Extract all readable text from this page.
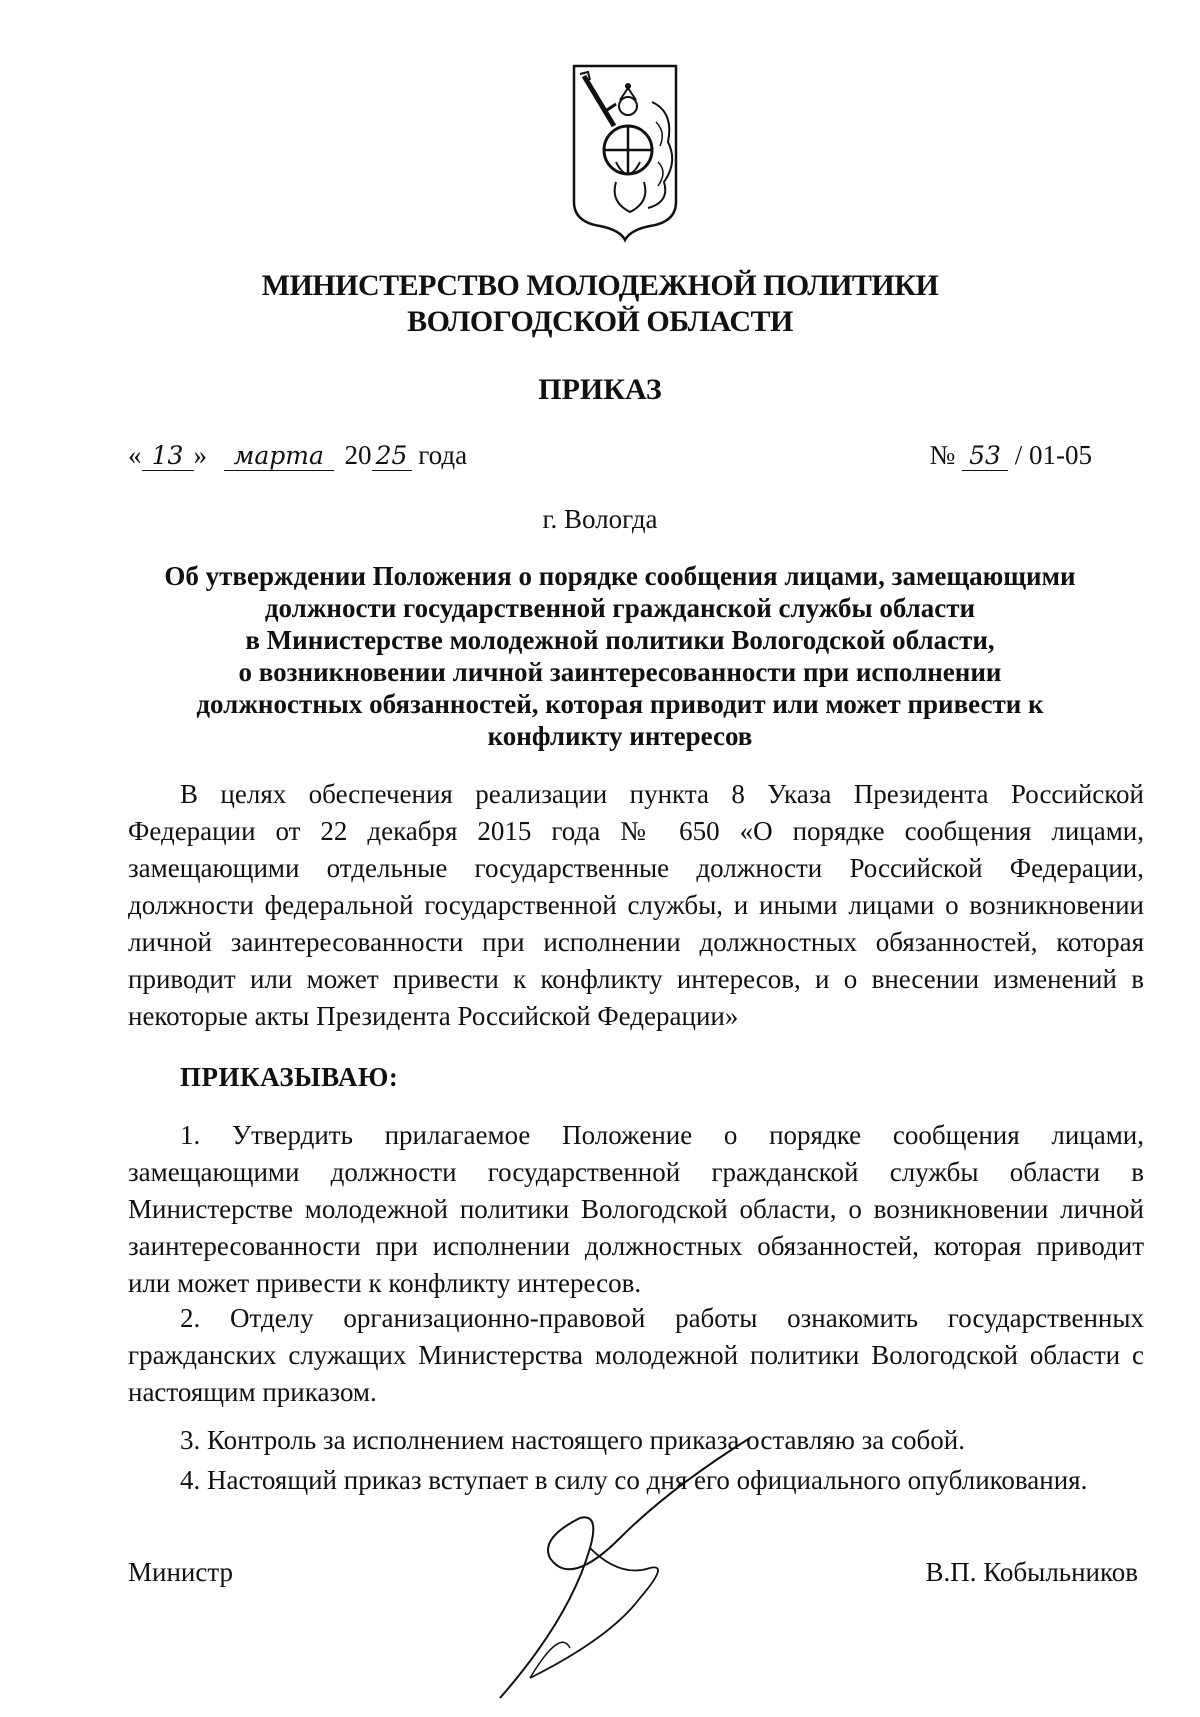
МИНИСТЕРСТВО МОЛОДЕЖНОЙ ПОЛИТИКИ
ВОЛОГОДСКОЙ ОБЛАСТИ
ПРИКАЗ
« 13 » марта 20 25 года	№ 53 / 01-05
г. Вологда
Об утверждении Положения о порядке сообщения лицами, замещающими
должности государственной гражданской службы области
в Министерстве молодежной политики Вологодской области,
о возникновении личной заинтересованности при исполнении
должностных обязанностей, которая приводит или может привести к
конфликту интересов
В целях обеспечения реализации пункта 8 Указа Президента Российской Федерации от 22 декабря 2015 года № 650 «О порядке сообщения лицами, замещающими отдельные государственные должности Российской Федерации, должности федеральной государственной службы, и иными лицами о возникновении личной заинтересованности при исполнении должностных обязанностей, которая приводит или может привести к конфликту интересов, и о внесении изменений в некоторые акты Президента Российской Федерации»
ПРИКАЗЫВАЮ:
1. Утвердить прилагаемое Положение о порядке сообщения лицами, замещающими должности государственной гражданской службы области в Министерстве молодежной политики Вологодской области, о возникновении личной заинтересованности при исполнении должностных обязанностей, которая приводит или может привести к конфликту интересов.
2. Отделу организационно-правовой работы ознакомить государственных гражданских служащих Министерства молодежной политики Вологодской области с настоящим приказом.
3. Контроль за исполнением настоящего приказа оставляю за собой.
4. Настоящий приказ вступает в силу со дня его официального опубликования.
Министр	В.П. Кобыльников
